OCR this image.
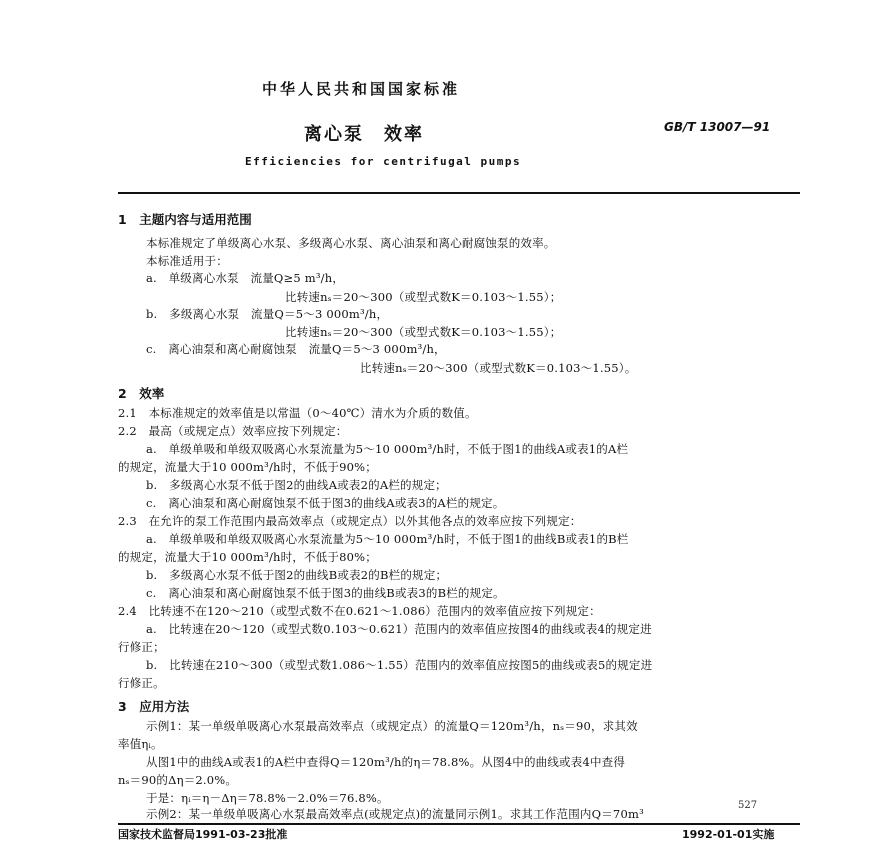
中华人民共和国国家标准
离心泵　效率	GB/T 13007—91
Efficiencies for centrifugal pumps
1　主题内容与适用范围
本标准规定了单级离心水泵、多级离心水泵、离心油泵和离心耐腐蚀泵的效率。
本标准适用于：
a.　单级离心水泵　流量Q≥5 m³/h，
比转速nₛ＝20～300（或型式数K＝0.103～1.55）；
b.　多级离心水泵　流量Q＝5～3 000m³/h，
比转速nₛ＝20～300（或型式数K＝0.103～1.55）；
c.　离心油泵和离心耐腐蚀泵　流量Q＝5～3 000m³/h，
比转速nₛ＝20～300（或型式数K＝0.103～1.55）。
2　效率
2.1　本标准规定的效率值是以常温（0～40℃）清水为介质的数值。
2.2　最高（或规定点）效率应按下列规定：
a.　单级单吸和单级双吸离心水泵流量为5～10 000m³/h时，不低于图1的曲线A或表1的A栏
的规定，流量大于10 000m³/h时，不低于90%；
b.　多级离心水泵不低于图2的曲线A或表2的A栏的规定；
c.　离心油泵和离心耐腐蚀泵不低于图3的曲线A或表3的A栏的规定。
2.3　在允许的泵工作范围内最高效率点（或规定点）以外其他各点的效率应按下列规定：
a.　单级单吸和单级双吸离心水泵流量为5～10 000m³/h时，不低于图1的曲线B或表1的B栏
的规定，流量大于10 000m³/h时，不低于80%；
b.　多级离心水泵不低于图2的曲线B或表2的B栏的规定；
c.　离心油泵和离心耐腐蚀泵不低于图3的曲线B或表3的B栏的规定。
2.4　比转速不在120～210（或型式数不在0.621～1.086）范围内的效率值应按下列规定：
a.　比转速在20～120（或型式数0.103～0.621）范围内的效率值应按图4的曲线或表4的规定进
行修正；
b.　比转速在210～300（或型式数1.086～1.55）范围内的效率值应按图5的曲线或表5的规定进
行修正。
3　应用方法
示例1：某一单级单吸离心水泵最高效率点（或规定点）的流量Q＝120m³/h，nₛ＝90，求其效
率值ηᵢ。
从图1中的曲线A或表1的A栏中查得Q＝120m³/h的η＝78.8%。从图4中的曲线或表4中查得
nₛ＝90的Δη＝2.0%。
于是：ηᵢ＝η－Δη＝78.8%－2.0%＝76.8%。
示例2：某一单级单吸离心水泵最高效率点(或规定点)的流量同示例1。求其工作范围内Q＝70m³
国家技术监督局1991-03-23批准	1992-01-01实施
527
